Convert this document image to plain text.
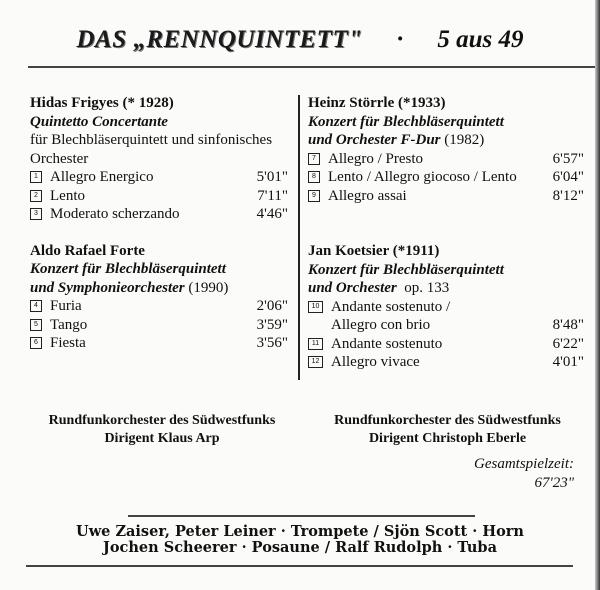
DAS „RENNQUINTETT" · 5 aus 49
Hidas Frigyes (* 1928)
Quintetto Concertante
für Blechbläserquintett und sinfonisches
Orchester
1 Allegro Energico	5'01"
2 Lento	7'11"
3 Moderato scherzando	4'46"
Aldo Rafael Forte
Konzert für Blechbläserquintett
und Symphonieorchester (1990)
4 Furia	2'06"
5 Tango	3'59"
6 Fiesta	3'56"
Heinz Störrle (*1933)
Konzert für Blechbläserquintett
und Orchester F-Dur (1982)
7 Allegro / Presto	6'57"
8 Lento / Allegro giocoso / Lento	6'04"
9 Allegro assai	8'12"
Jan Koetsier (*1911)
Konzert für Blechbläserquintett
und Orchester op. 133
10 Andante sostenuto /
Allegro con brio	8'48"
11 Andante sostenuto	6'22"
12 Allegro vivace	4'01"
Rundfunkorchester des Südwestfunks
Dirigent Klaus Arp
Rundfunkorchester des Südwestfunks
Dirigent Christoph Eberle
Gesamtspielzeit:
67'23"
Uwe Zaiser, Peter Leiner · Trompete / Sjön Scott · Horn
Jochen Scheerer · Posaune / Ralf Rudolph · Tuba
